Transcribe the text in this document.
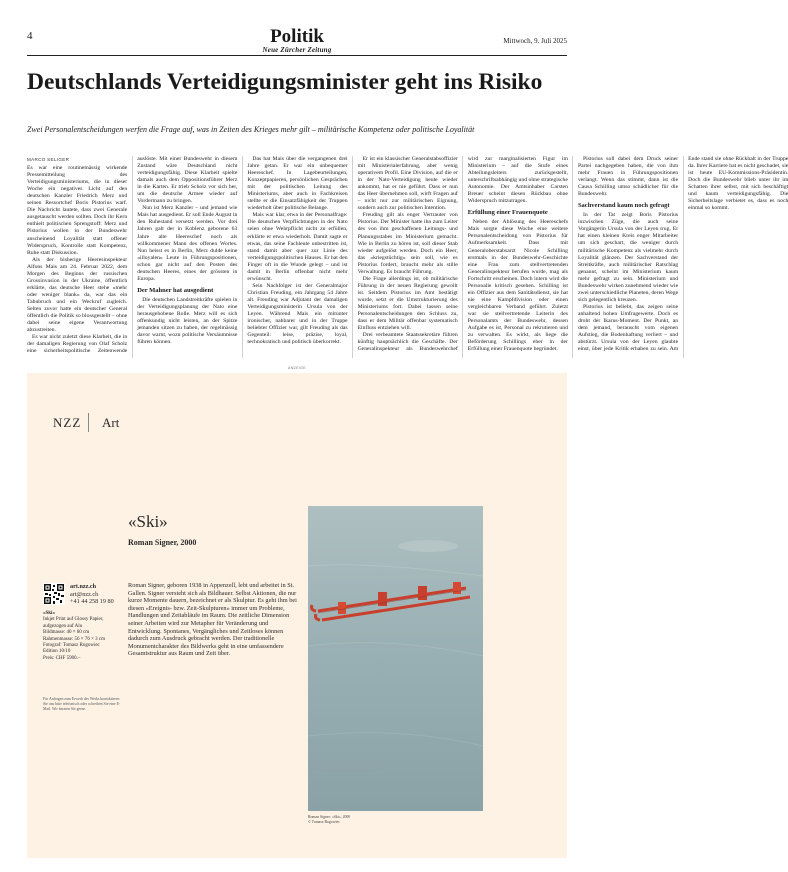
4	Politik
Neue Zürcher Zeitung
Mittwoch, 9. Juli 2025
Deutschlands Verteidigungsminister geht ins Risiko

Zwei Personalentscheidungen werfen die Frage auf, was in Zeiten des Krieges mehr gilt – militärische Kompetenz oder politische Loyalität

MARCO SELIGER

Es war eine routinemässig wirkende Pressemitteilung des Verteidigungsministeriums, die in dieser Woche ein negatives Licht auf den deutschen Kanzler Friedrich Merz und seinen Ressortchef Boris Pistorius warf. Die Nachricht lautete, dass zwei Generale ausgetauscht werden sollten. Doch ihr Kern enthielt politischen Sprengstoff: Merz und Pistorius wollen in der Bundeswehr anscheinend Loyalität statt offener Widerspruch, Kontrolle statt Kompetenz, Ruhe statt Diskussion.

Als der bisherige Heeresinspekteur Alfons Mais am 24. Februar 2022, dem Morgen des Beginns der russischen Grossinvasion in der Ukraine, öffentlich erklärte, das deutsche Heer stehe «mehr oder weniger blank» da, war das ein Tabubruch und ein Weckruf zugleich. Selten zuvor hatte ein deutscher General öffentlich die Politik so blossgestellt – ohne dabei seine eigene Verantwortung abzustreiten.

Es war nicht zuletzt diese Klarheit, die in der damaligen Regierung von Olaf Scholz eine sicherheitspolitische Zeitenwende auslöste. Mit einer Bundeswehr in diesem Zustand wäre Deutschland nicht verteidigungsfähig. Diese Klarheit spielte damals auch dem Oppositionsführer Merz in die Karten. Er trieb Scholz vor sich her, um die deutsche Armee wieder auf Vordermann zu bringen.

Nun ist Merz Kanzler – und jemand wie Mais hat ausgedient. Er soll Ende August in den Ruhestand versetzt werden. Vor drei Jahren galt der in Koblenz geborene 63 Jahre alte Heereschef noch als willkommener Mann des offenen Wortes. Nun heisst es in Berlin, Merz dulde keine «illoyalen» Leute in Führungspositionen, schon gar nicht auf den Posten des deutschen Heeres, eines der grössten in Europa.

Der Mahner hat ausgedient

Die deutschen Landstreitkräfte spielen in der Verteidigungsplanung der Nato eine herausgehobene Rolle. Merz will es sich offenkundig nicht leisten, an der Spitze jemanden sitzen zu haben, der regelmässig davor warnt, wozu politische Versäumnisse führen können.

Das hat Mais über die vergangenen drei Jahre getan. Er war ein unbequemer Heereschef. In Lagebeurteilungen, Konzeptpapieren, persönlichen Gesprächen mit der politischen Leitung des Ministeriums, aber auch in Fachkreisen stellte er die Einsatzfähigkeit der Truppen wiederholt über politische Belange.

Mais war klar, etwa in der Personalfrage: Die deutschen Verpflichtungen in der Nato seien ohne Wehrpflicht nicht zu erfüllen, erklärte er etwa wiederholt. Damit sagte er etwas, das seine Fachleute unbestritten ist, stand damit aber quer zur Linie des verteidigungspolitischen Hauses. Er hat den Finger oft in die Wunde gelegt – und ist damit in Berlin offenbar nicht mehr erwünscht.

Sein Nachfolger ist der Generalmajor Christian Freuding, ein Jahrgang 54 Jahre alt. Freuding war Adjutant der damaligen Verteidigungsministerin Ursula von der Leyen. Während Mais ein mitunter ironischer, nahbarer und in der Truppe beliebter Offizier war, gilt Freuding als das Gegenteil: leise, präzise, loyal, technokratisch und politisch überkorrekt.

Er ist ein klassischer Generalstabsoffizier mit Ministerialerfahrung, aber wenig operativem Profil. Eine Division, auf die er in der Nato-Verteidigung heute wieder ankommt, hat er nie geführt. Dass er nun das Heer übernehmen soll, wirft Fragen auf – nicht nur zur militärischen Eignung, sondern auch zur politischen Intention.

Freuding gilt als enger Vertrauter von Pistorius. Der Minister hatte ihn zum Leiter des von ihm geschaffenen Leitungs- und Planungsstabes im Ministerium gemacht. Wie in Berlin zu hören ist, soll dieser Stab wieder aufgelöst werden. Doch ein Heer, das «kriegstüchtig» sein soll, wie es Pistorius fordert, braucht mehr als stille Verwaltung. Es braucht Führung.

Die Frage allerdings ist, ob militärische Führung in der neuen Regierung gewollt ist. Seitdem Pistorius im Amt bestätigt wurde, setzt er die Umstrukturierung des Ministeriums fort. Dabei lassen seine Personalentscheidungen den Schluss zu, dass er dem Militär offenbar systematisch Einfluss entziehen will.

Drei verbeamtete Staatssekretäre führen künftig hauptsächlich die Geschäfte. Der Generalinspekteur als Bundeswehrchef wird zur marginalisierten Figur im Ministerium – auf die Stufe eines Abteilungsleiters zurückgestellt, unterschriftsabhängig und ohne strategische Autonomie. Der Amtsinhaber Carsten Breuer scheint diesen Rückbau ohne Widerspruch mitzutragen.

Erfüllung einer Frauenquote

Neben der Ablösung des Heereschefs Mais sorgte diese Woche eine weitere Personalentscheidung von Pistorius für Aufmerksamkeit. Dass mit Generaloberstabsarzt Nicole Schilling erstmals in der Bundeswehr-Geschichte eine Frau zum stellvertretenden Generalinspekteur berufen wurde, mag als Fortschritt erscheinen. Doch intern wird die Personalie kritisch gesehen. Schilling ist ein Offizier aus dem Sanitätsdienst, sie hat nie eine Kampfdivision oder einen vergleichbaren Verband geführt. Zuletzt war sie stellvertretende Leiterin des Personalamts der Bundeswehr, dessen Aufgabe es ist, Personal zu rekrutieren und zu verwalten. Es wirkt, als liege die Beförderung Schillings eher in der Erfüllung einer Frauenquote begründet.

Pistorius soll dabei dem Druck seiner Partei nachgegeben haben, die von ihm mehr Frauen in Führungspositionen verlangt. Wenn das stimmt, dann ist die Causa Schilling umso schädlicher für die Bundeswehr.

Sachverstand kaum noch gefragt

In der Tat zeigt Boris Pistorius inzwischen Züge, die auch seine Vorgängerin Ursula von der Leyen trug. Er hat einen kleinen Kreis enger Mitarbeiter um sich geschart, die weniger durch militärische Kompetenz als vielmehr durch Loyalität glänzen. Der Sachverstand der Streitkräfte, auch militärischer Ratschlag genannt, scheint im Ministerium kaum mehr gefragt zu sein. Ministerium und Bundeswehr wirken zunehmend wieder wie zwei unterschiedliche Planeten, deren Wege sich gelegentlich kreuzen.

Pistorius ist beliebt, das zeigen seine anhaltend hohen Umfragewerte. Doch es droht der Ikarus-Moment. Der Punkt, an dem jemand, berauscht vom eigenen Aufstieg, die Bodenhaftung verliert – und abstürzt. Ursula von der Leyen glaubte einst, über jede Kritik erhaben zu sein. Am Ende stand sie ohne Rückhalt in der Truppe da. Ihrer Karriere hat es nicht geschadet, sie ist heute EU-Kommissions-Präsidentin. Doch die Bundeswehr blieb unter ihr im Schatten ihrer selbst, mit sich beschäftigt und kaum verteidigungsfähig. Die Sicherheitslage verbietet es, dass es noch einmal so kommt.

ANZEIGE
NZZ Art
«Ski»
Roman Signer, 2000
art.nzz.ch
art@nzz.ch
+41 44 258 19 80
«Ski»
Inkjet Print auf Glossy Papier,
aufgezogen auf Alu
Bildmasse: 40 × 60 cm
Rahmenmasse: 56 × 76 × 3 cm
Fotograf: Tomasz Rogowiec
Edition 10/10
Preis: CHF 5900.–
Für Anfragen zum Erwerb des Werks kontaktieren Sie uns bitte telefonisch oder schreiben Sie eine E-Mail. Wir beraten Sie gerne.

Roman Signer, geboren 1938 in Appenzell, lebt und arbeitet in St. Gallen. Signer versteht sich als Bildhauer. Selbst Aktionen, die nur kurze Momente dauern, bezeichnet er als Skulptur. Es geht ihm bei diesen «Ereignis- bzw. Zeit-Skulpturen» immer um Probleme, Handlungen und Zeitabläufe im Raum. Die zeitliche Dimension seiner Arbeiten wird zur Metapher für Veränderung und Entwicklung. Spontanes, Vergängliches und Zeitloses können dadurch zum Ausdruck gebracht werden. Der traditionelle Monumentcharakter des Bildwerks geht in eine umfassendere Gesamtstruktur aus Raum und Zeit über.

Roman Signer: «Ski», 2000
© Tomasz Rogowiec
